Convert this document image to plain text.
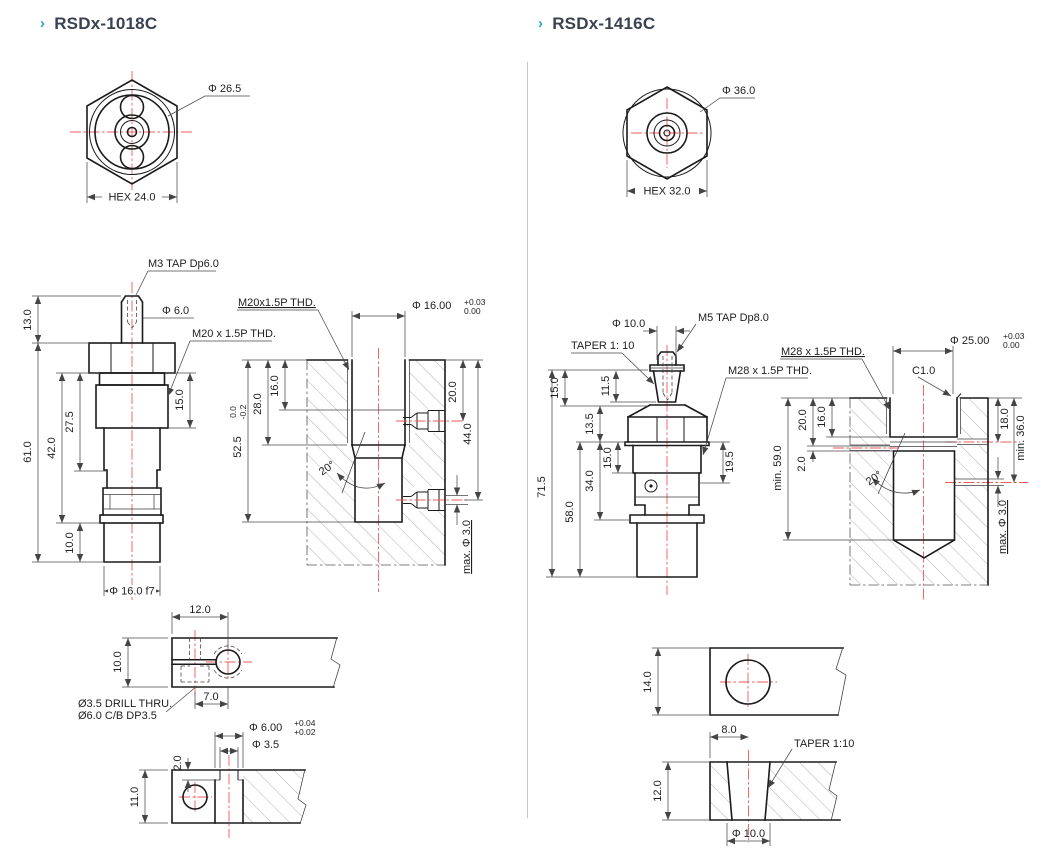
› RSDx-1018C	› RSDx-1416C
Φ 26.5
HEX 24.0
M3 TAP Dp6.0
Φ 6.0
M20 x 1.5P THD.
13.0
61.0 42.0
27.5
15.0
10.0
Φ 16.0 f7
M20x1.5P THD.	Φ 16.00 +0.03
0.00
16.0
28.0
52.5
0.0 -0.2
20.0
44.0
20°
max. Φ 3.0
12.0
10.0
7.0
Ø3.5 DRILL THRU.
Ø6.0 C/B DP3.5
Φ 6.00 +0.04
+0.02
Φ 3.5
2.0
11.0
Φ 36.0
HEX 32.0
Φ 10.0	M5 TAP Dp8.0
TAPER 1: 10
M28 x 1.5P THD.
15.0
71.5
58.0
13.5
34.0
11.5
15.0	19.5
M28 x 1.5P THD.
C1.0
Φ 25.00 +0.03
0.00
16.0
20.0
2.0
min. 59.0	20°
18.0 min. 36.0
max. Φ 3.0
14.0
8.0
TAPER 1:10
12.0
Φ 10.0
